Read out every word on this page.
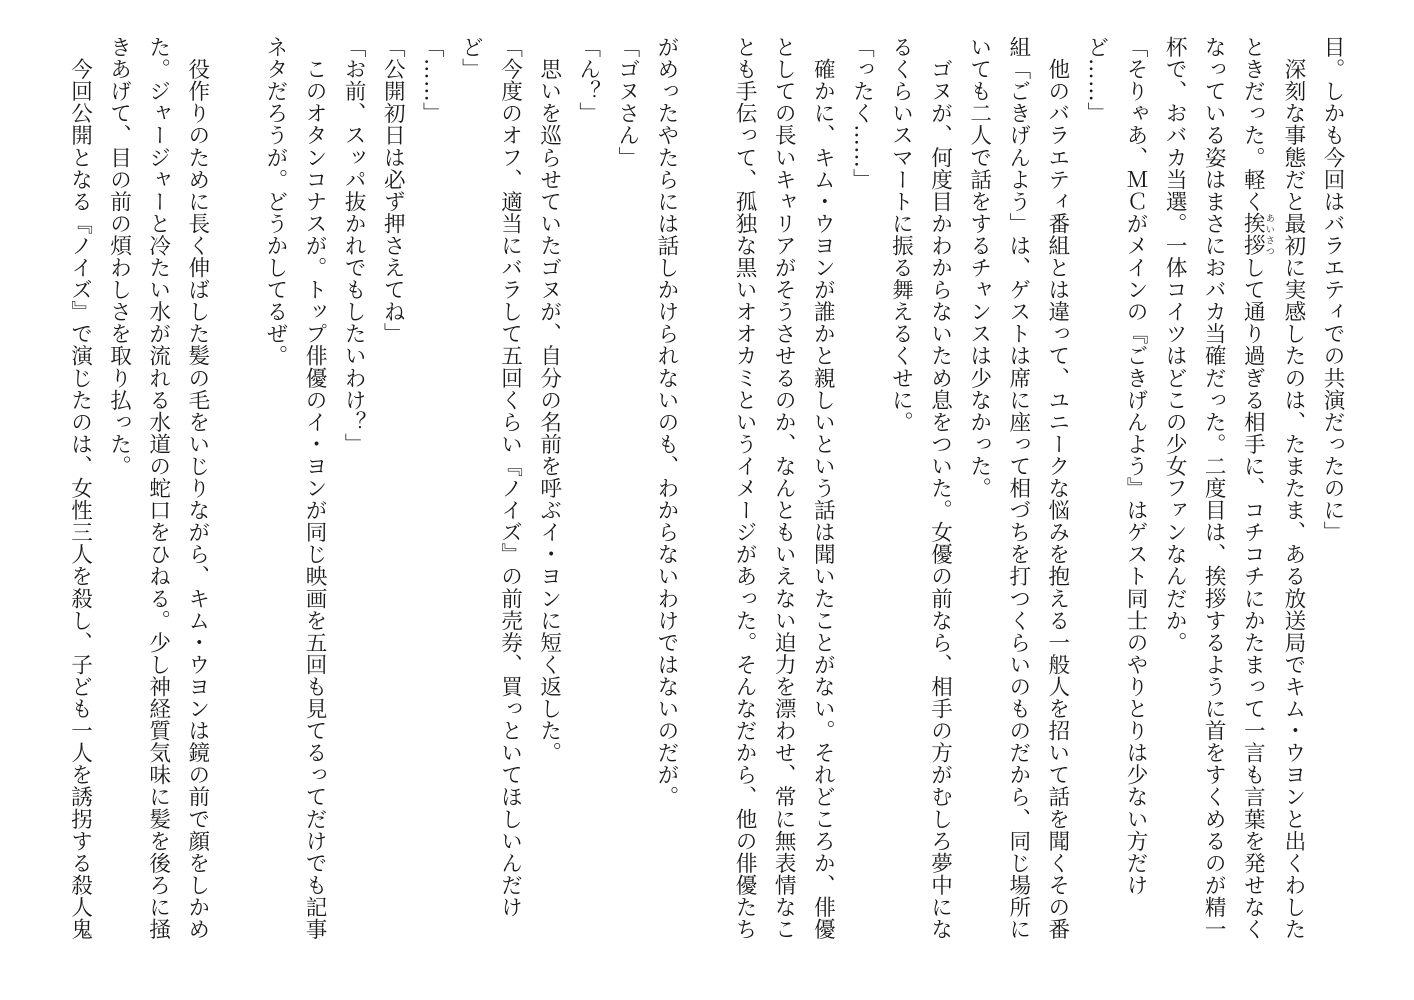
目。しかも今回はバラエティでの共演だったのに」
　深刻な事態だと最初に実感したのは、たまたま、ある放送局でキム・ウヨンと出くわした
ときだった。軽く挨拶あいさつして通り過ぎる相手に、コチコチにかたまって一言も言葉を発せなく
なっている姿はまさにおバカ当確だった。二度目は、挨拶するように首をすくめるのが精一
杯で、おバカ当選。一体コイツはどこの少女ファンなんだか。
「そりゃあ、ＭＣがメインの『ごきげんよう』はゲスト同士のやりとりは少ない方だけ
ど……」
　他のバラエティ番組とは違って、ユニークな悩みを抱える一般人を招いて話を聞くその番
組「ごきげんよう」は、ゲストは席に座って相づちを打つくらいのものだから、同じ場所に
いても二人で話をするチャンスは少なかった。
　ゴヌが、何度目かわからないため息をついた。女優の前なら、相手の方がむしろ夢中にな
るくらいスマートに振る舞えるくせに。
「ったく……」
　確かに、キム・ウヨンが誰かと親しいという話は聞いたことがない。それどころか、俳優
としての長いキャリアがそうさせるのか、なんともいえない迫力を漂わせ、常に無表情なこ
とも手伝って、孤独な黒いオオカミというイメージがあった。そんなだから、他の俳優たち

がめったやたらには話しかけられないのも、わからないわけではないのだが。
「ゴヌさん」
「ん？」
　思いを巡らせていたゴヌが、自分の名前を呼ぶイ・ヨンに短く返した。
「今度のオフ、適当にバラして五回くらい『ノイズ』の前売券、買っといてほしいんだけ
ど」
「……」
「公開初日は必ず押さえてね」
「お前、スッパ抜かれでもしたいわけ？」
　このオタンコナスが。トップ俳優のイ・ヨンが同じ映画を五回も見てるってだけでも記事
ネタだろうが。どうかしてるぜ。

　役作りのために長く伸ばした髪の毛をいじりながら、キム・ウヨンは鏡の前で顔をしかめ
た。ジャージャーと冷たい水が流れる水道の蛇口をひねる。少し神経質気味に髪を後ろに掻
きあげて、目の前の煩わしさを取り払った。
　今回公開となる『ノイズ』で演じたのは、女性三人を殺し、子ども一人を誘拐する殺人鬼
